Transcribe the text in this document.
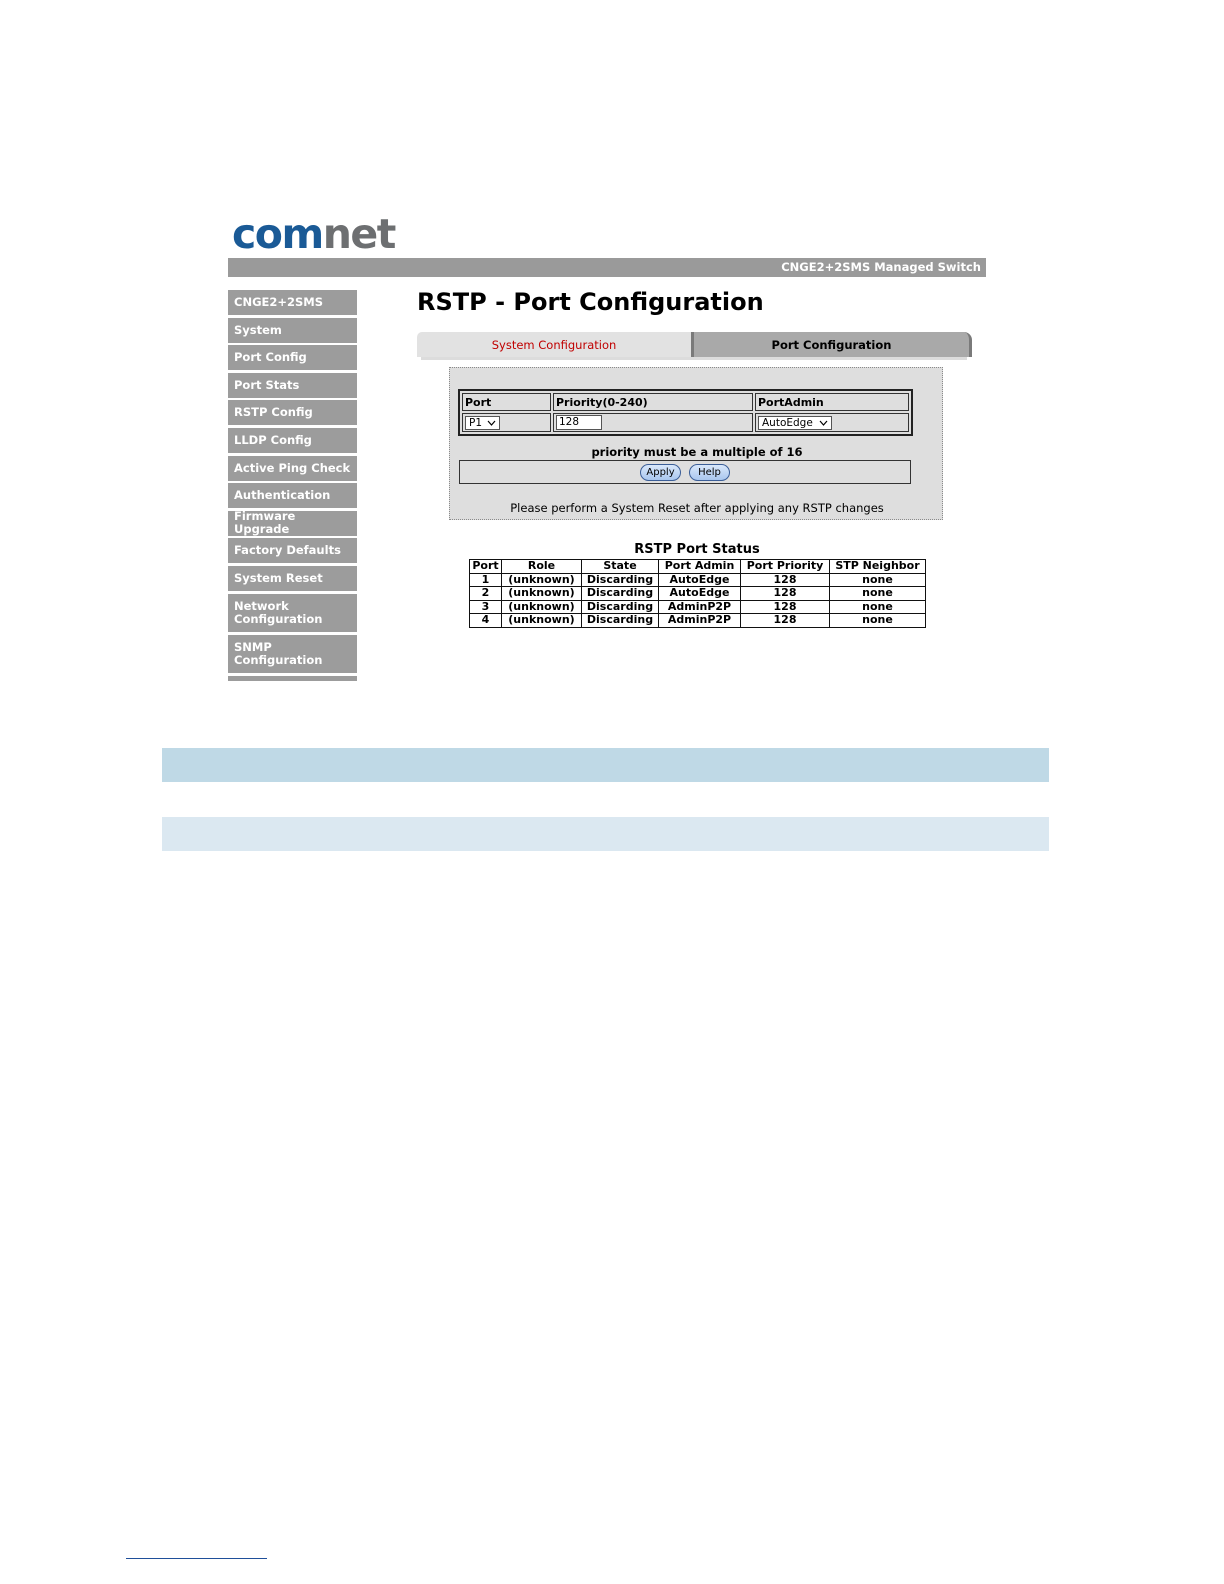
comnet
CNGE2+2SMS Managed Switch
CNGE2+2SMS
System
Port Config
Port Stats
RSTP Config
LLDP Config
Active Ping Check
Authentication
Firmware Upgrade
Factory Defaults
System Reset
Network Configuration
SNMP Configuration
RSTP - Port Configuration
System Configuration	Port Configuration
Port	Priority(0-240)	PortAdmin

P1	128	AutoEdge
priority must be a multiple of 16
Apply	Help
Please perform a System Reset after applying any RSTP changes
RSTP Port Status
Port	Role	State	Port Admin	Port Priority	STP Neighbor
1	(unknown)	Discarding	AutoEdge	128	none
2	(unknown)	Discarding	AutoEdge	128	none
3	(unknown)	Discarding	AdminP2P	128	none
4	(unknown)	Discarding	AdminP2P	128	none
